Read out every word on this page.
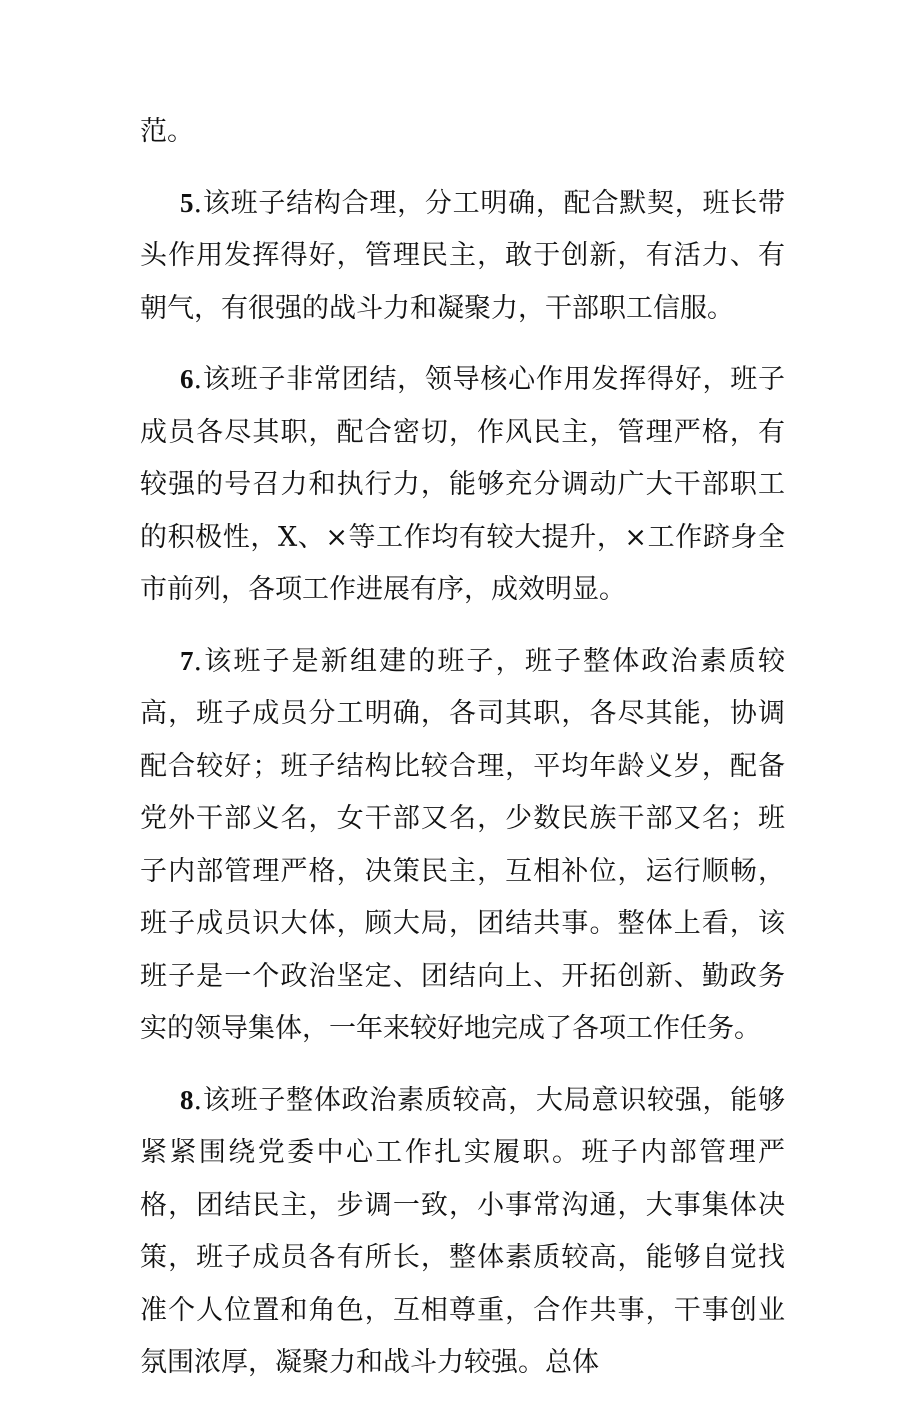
范。

5.该班子结构合理，分工明确，配合默契，班长带头作用发挥得好，管理民主，敢于创新，有活力、有朝气，有很强的战斗力和凝聚力，干部职工信服。

6.该班子非常团结，领导核心作用发挥得好，班子成员各尽其职，配合密切，作风民主，管理严格，有较强的号召力和执行力，能够充分调动广大干部职工的积极性，X、×等工作均有较大提升，×工作跻身全市前列，各项工作进展有序，成效明显。

7.该班子是新组建的班子，班子整体政治素质较高，班子成员分工明确，各司其职，各尽其能，协调配合较好；班子结构比较合理，平均年龄义岁，配备党外干部义名，女干部又名，少数民族干部又名；班子内部管理严格，决策民主，互相补位，运行顺畅，班子成员识大体，顾大局，团结共事。整体上看，该班子是一个政治坚定、团结向上、开拓创新、勤政务实的领导集体，一年来较好地完成了各项工作任务。

8.该班子整体政治素质较高，大局意识较强，能够紧紧围绕党委中心工作扎实履职。班子内部管理严格，团结民主，步调一致，小事常沟通，大事集体决策，班子成员各有所长，整体素质较高，能够自觉找准个人位置和角色，互相尊重，合作共事，干事创业氛围浓厚，凝聚力和战斗力较强。总体
